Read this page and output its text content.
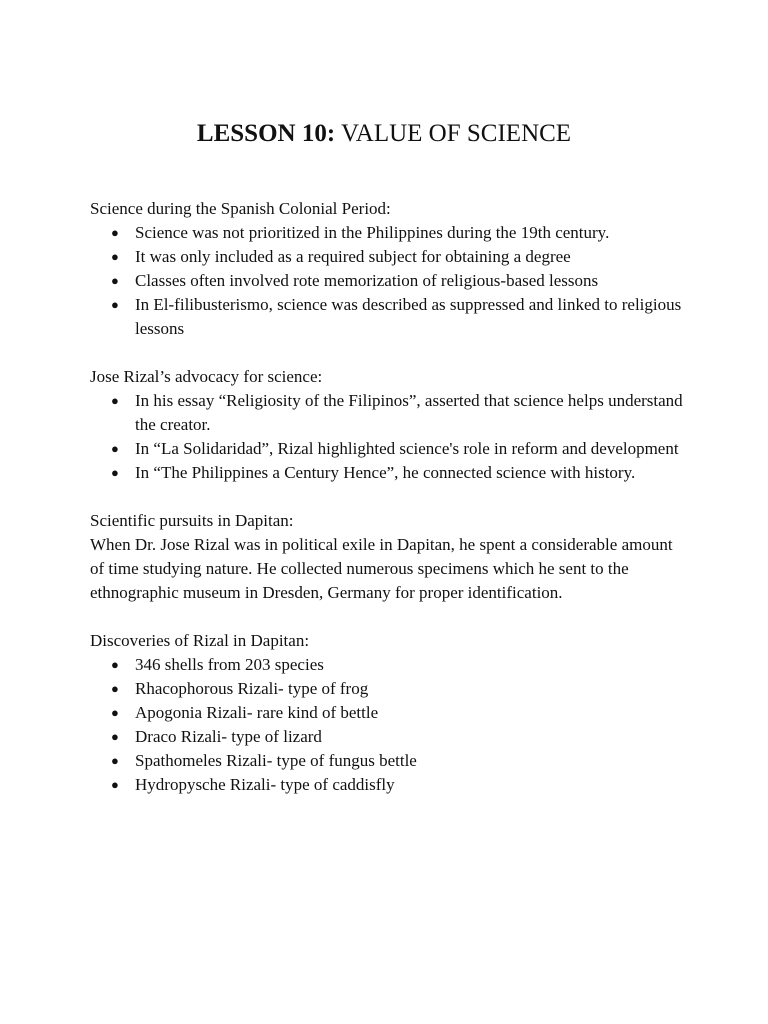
LESSON 10: VALUE OF SCIENCE

Science during the Spanish Colonial Period:

● Science was not prioritized in the Philippines during the 19th century.
● It was only included as a required subject for obtaining a degree
● Classes often involved rote memorization of religious-based lessons
● In El-filibusterismo, science was described as suppressed and linked to religious lessons

Jose Rizal’s advocacy for science:

● In his essay “Religiosity of the Filipinos”, asserted that science helps understand the creator.
● In “La Solidaridad”, Rizal highlighted science's role in reform and development
● In “The Philippines a Century Hence”, he connected science with history.

Scientific pursuits in Dapitan:

When Dr. Jose Rizal was in political exile in Dapitan, he spent a considerable amount of time studying nature. He collected numerous specimens which he sent to the ethnographic museum in Dresden, Germany for proper identification.

Discoveries of Rizal in Dapitan:

● 346 shells from 203 species
● Rhacophorous Rizali- type of frog
● Apogonia Rizali- rare kind of bettle
● Draco Rizali- type of lizard
● Spathomeles Rizali- type of fungus bettle
● Hydropysche Rizali- type of caddisfly
